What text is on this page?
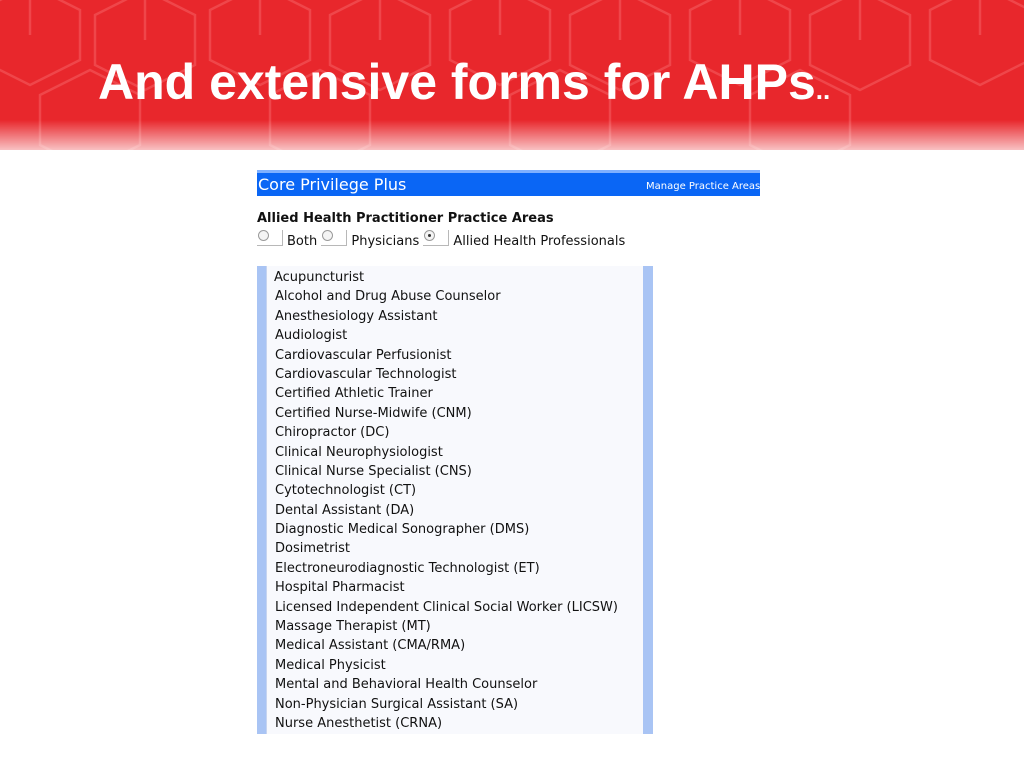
And extensive forms for AHPs..
Core Privilege Plus	Manage Practice Areas
Allied Health Practitioner Practice Areas
Both	Physicians	Allied Health Professionals
Acupuncturist
Alcohol and Drug Abuse Counselor
Anesthesiology Assistant
Audiologist
Cardiovascular Perfusionist
Cardiovascular Technologist
Certified Athletic Trainer
Certified Nurse-Midwife (CNM)
Chiropractor (DC)
Clinical Neurophysiologist
Clinical Nurse Specialist (CNS)
Cytotechnologist (CT)
Dental Assistant (DA)
Diagnostic Medical Sonographer (DMS)
Dosimetrist
Electroneurodiagnostic Technologist (ET)
Hospital Pharmacist
Licensed Independent Clinical Social Worker (LICSW)
Massage Therapist (MT)
Medical Assistant (CMA/RMA)
Medical Physicist
Mental and Behavioral Health Counselor
Non-Physician Surgical Assistant (SA)
Nurse Anesthetist (CRNA)
